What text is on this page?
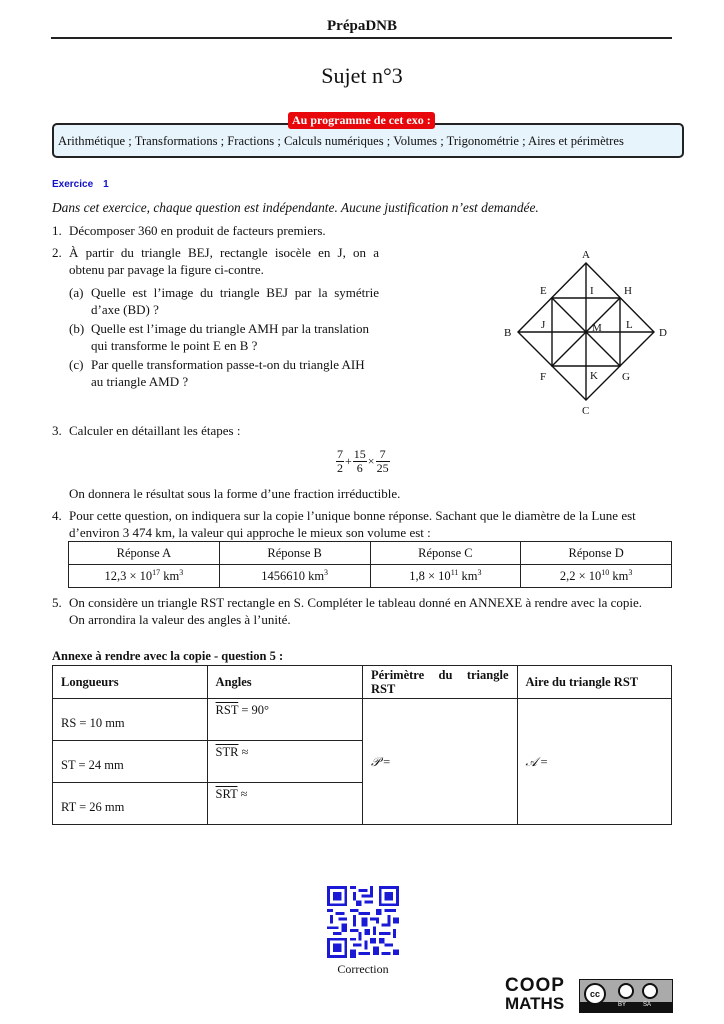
PrépaDNB
Sujet n°3
Arithmétique ; Transformations ; Fractions ; Calculs numériques ; Volumes ; Trigonométrie ; Aires et périmètres
Au programme de cet exo :
Exercice 1
Dans cet exercice, chaque question est indépendante. Aucune justification n’est demandée.
1. Décomposer 360 en produit de facteurs premiers.
2. À partir du triangle BEJ, rectangle isocèle en J, on a
obtenu par pavage la figure ci-contre.
(a) Quelle est l’image du triangle BEJ par la symétrie
d’axe (BD) ?
(b) Quelle est l’image du triangle AMH par la translation
qui transforme le point E en B ?
(c) Par quelle transformation passe-t-on du triangle AIH
au triangle AMD ?
A
B
C
D
E	H
G
F
I
J
K
L
M
3. Calculer en détaillant les étapes :
$\frac{7}{2} + \frac{15}{6} \times \frac{7}{25}$
On donnera le résultat sous la forme d’une fraction irréductible.
4. Pour cette question, on indiquera sur la copie l’unique bonne réponse. Sachant que le diamètre de la Lune est
d’environ 3 474 km, la valeur qui approche le mieux son volume est :
Réponse A	Réponse B	Réponse C	Réponse D
$12,3 \times 10^{17}$ $km^3$	1456610 $km^3$	$1,8 \times 10^{11}$ $km^3$	$2,2 \times 10^{10}$ $km^3$
5. On considère un triangle RST rectangle en S. Compléter le tableau donné en ANNEXE à rendre avec la copie.
On arrondira la valeur des angles à l’unité.
Annexe à rendre avec la copie - question 5 :
Longueurs	Angles	Périmètre du triangle RST	Aire du triangle RST
RS = 10 mm	$\overline{RST} = 90^\circ$	𝒫 =	𝒜 =
ST = 24 mm	$\overline{STR}$ ≈		
RT = 26 mm	$\overline{SRT}$ ≈		
Correction
COOP
MATHS	cc
BY	SA
